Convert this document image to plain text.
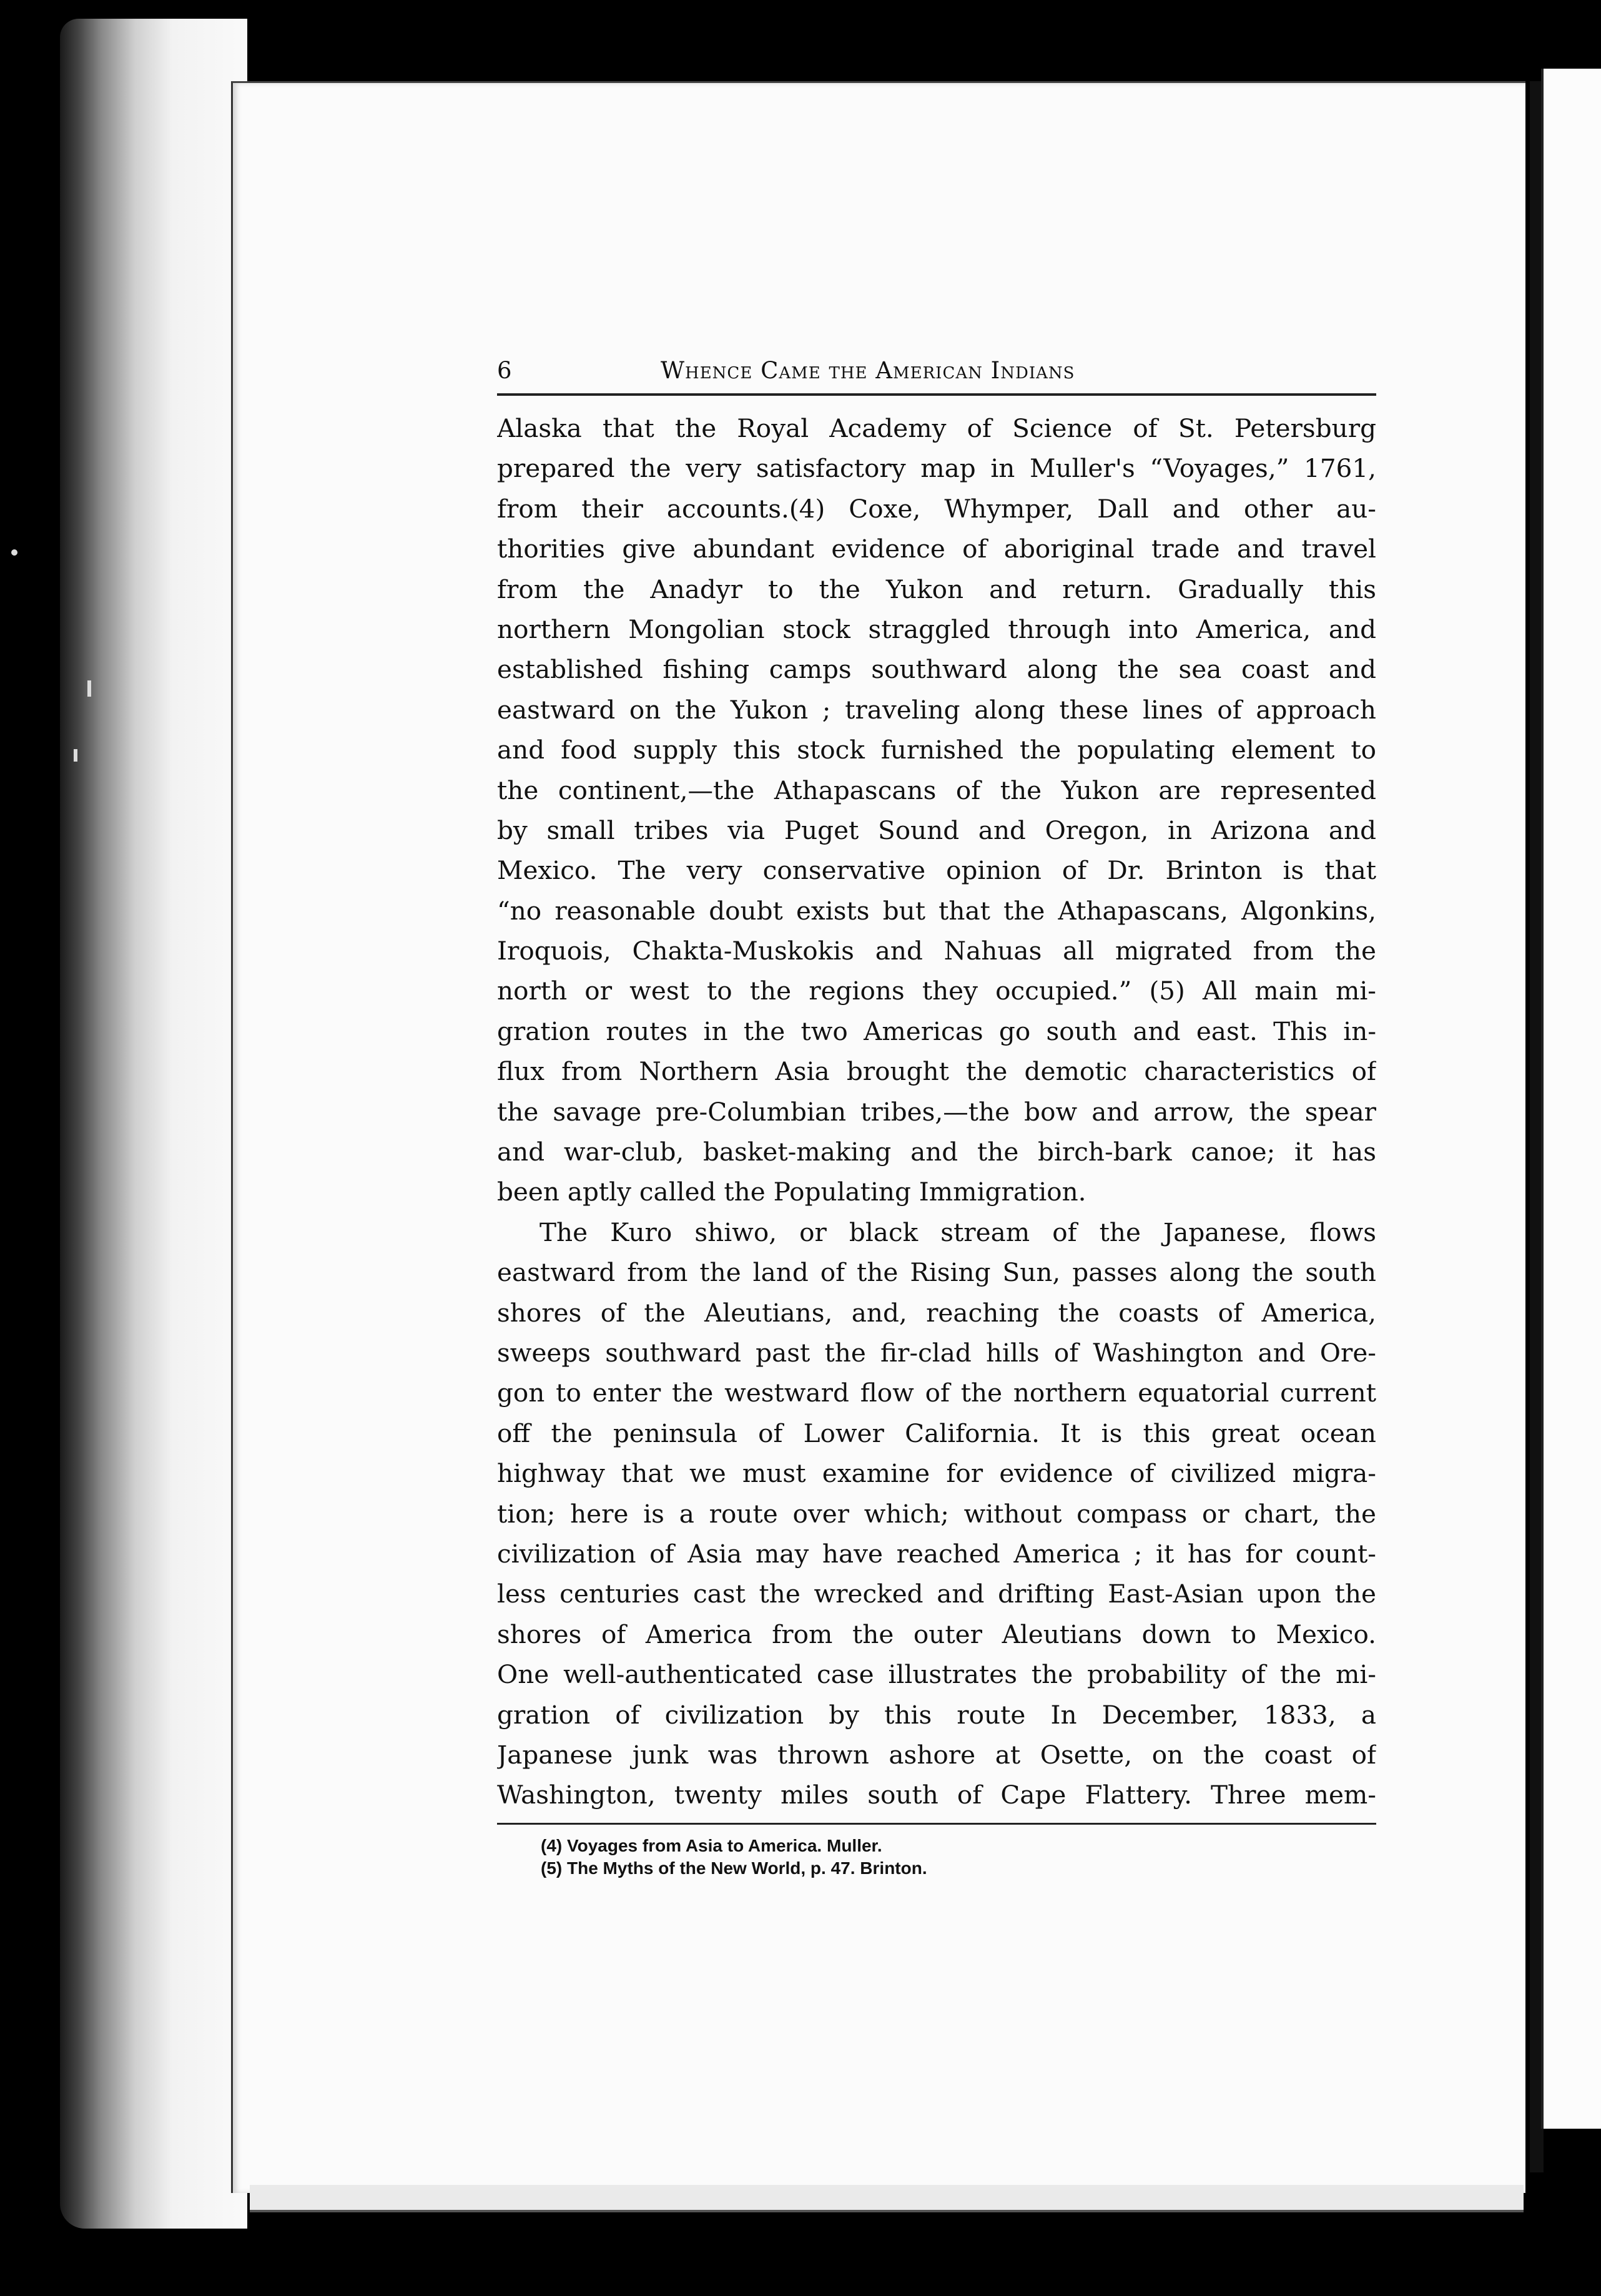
6	Whence Came the American Indians
Alaska that the Royal Academy of Science of St. Petersburg
prepared the very satisfactory map in Muller's “Voyages,” 1761,
from their accounts.(4) Coxe, Whymper, Dall and other au-
thorities give abundant evidence of aboriginal trade and travel
from the Anadyr to the Yukon and return. Gradually this
northern Mongolian stock straggled through into America, and
established fishing camps southward along the sea coast and
eastward on the Yukon ; traveling along these lines of approach
and food supply this stock furnished the populating element to
the continent,—the Athapascans of the Yukon are represented
by small tribes via Puget Sound and Oregon, in Arizona and
Mexico. The very conservative opinion of Dr. Brinton is that
“no reasonable doubt exists but that the Athapascans, Algonkins,
Iroquois, Chakta-Muskokis and Nahuas all migrated from the
north or west to the regions they occupied.” (5) All main mi-
gration routes in the two Americas go south and east. This in-
flux from Northern Asia brought the demotic characteristics of
the savage pre-Columbian tribes,—the bow and arrow, the spear
and war-club, basket-making and the birch-bark canoe; it has
been aptly called the Populating Immigration.
The Kuro shiwo, or black stream of the Japanese, flows
eastward from the land of the Rising Sun, passes along the south
shores of the Aleutians, and, reaching the coasts of America,
sweeps southward past the fir-clad hills of Washington and Ore-
gon to enter the westward flow of the northern equatorial current
off the peninsula of Lower California. It is this great ocean
highway that we must examine for evidence of civilized migra-
tion; here is a route over which; without compass or chart, the
civilization of Asia may have reached America ; it has for count-
less centuries cast the wrecked and drifting East-Asian upon the
shores of America from the outer Aleutians down to Mexico.
One well-authenticated case illustrates the probability of the mi-
gration of civilization by this route In December, 1833, a
Japanese junk was thrown ashore at Osette, on the coast of
Washington, twenty miles south of Cape Flattery. Three mem-
(4) Voyages from Asia to America. Muller.
(5) The Myths of the New World, p. 47. Brinton.
